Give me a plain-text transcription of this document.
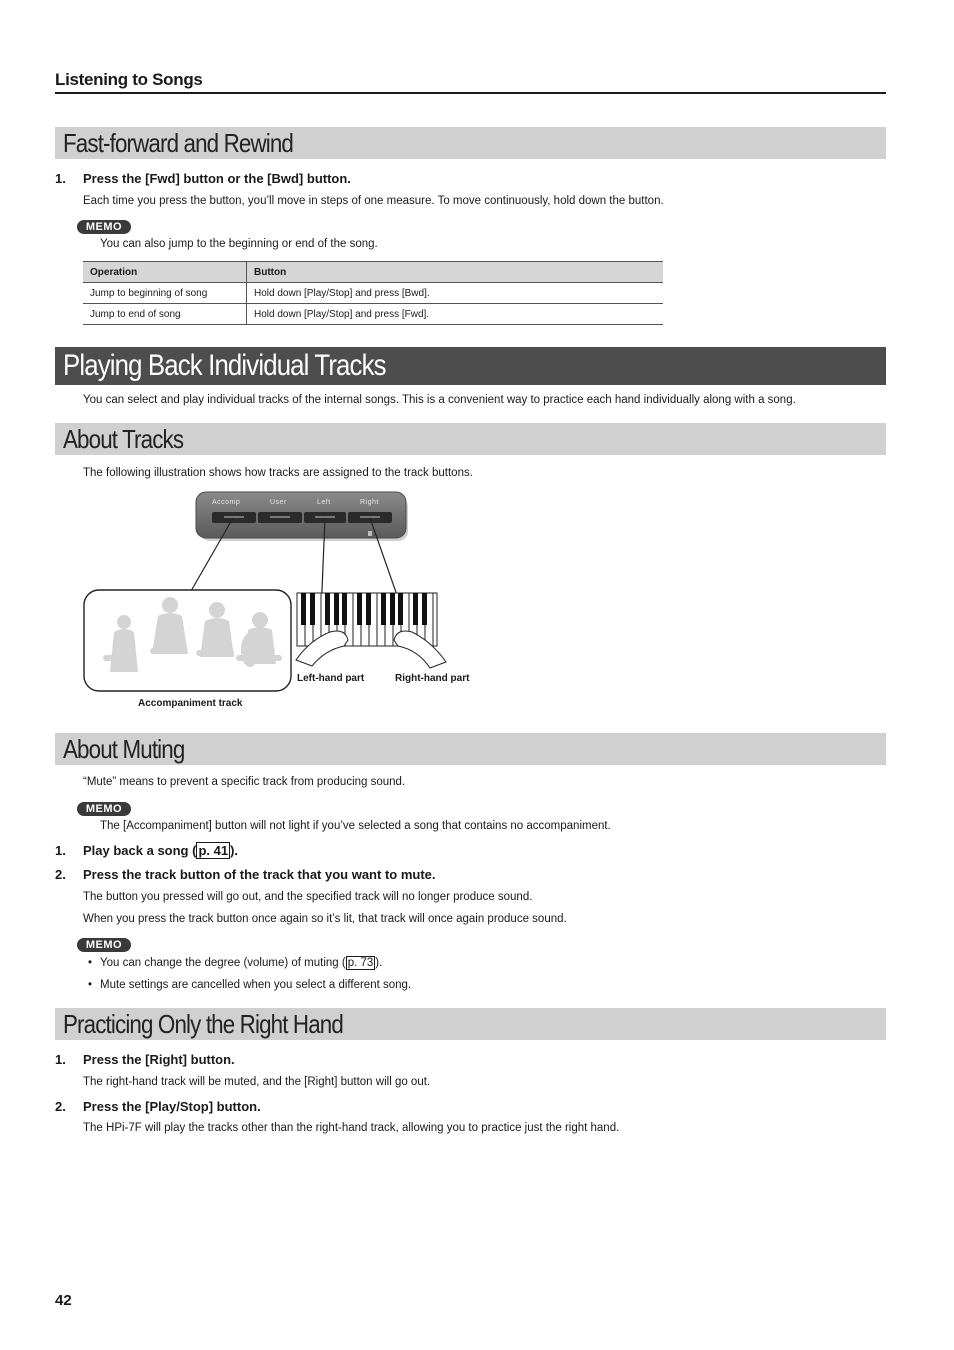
Listening to Songs
Fast-forward and Rewind
1. Press the [Fwd] button or the [Bwd] button.
Each time you press the button, you’ll move in steps of one measure. To move continuously, hold down the button.
MEMO
You can also jump to the beginning or end of the song.
Operation	Button
Jump to beginning of song	Hold down [Play/Stop] and press [Bwd].
Jump to end of song	Hold down [Play/Stop] and press [Fwd].
Playing Back Individual Tracks
You can select and play individual tracks of the internal songs. This is a convenient way to practice each hand individually along with a song.
About Tracks
The following illustration shows how tracks are assigned to the track buttons.
Accomp	User	Left	Right
Left-hand part	Right-hand part
Accompaniment track
About Muting
“Mute” means to prevent a specific track from producing sound.
MEMO
The [Accompaniment] button will not light if you’ve selected a song that contains no accompaniment.
1. Play back a song ( p. 41 ).
2. Press the track button of the track that you want to mute.
The button you pressed will go out, and the specified track will no longer produce sound.
When you press the track button once again so it’s lit, that track will once again produce sound.
MEMO
• You can change the degree (volume) of muting ( p. 73 ).
• Mute settings are cancelled when you select a different song.
Practicing Only the Right Hand
1. Press the [Right] button.
The right-hand track will be muted, and the [Right] button will go out.
2. Press the [Play/Stop] button.
The HPi-7F will play the tracks other than the right-hand track, allowing you to practice just the right hand.
42
